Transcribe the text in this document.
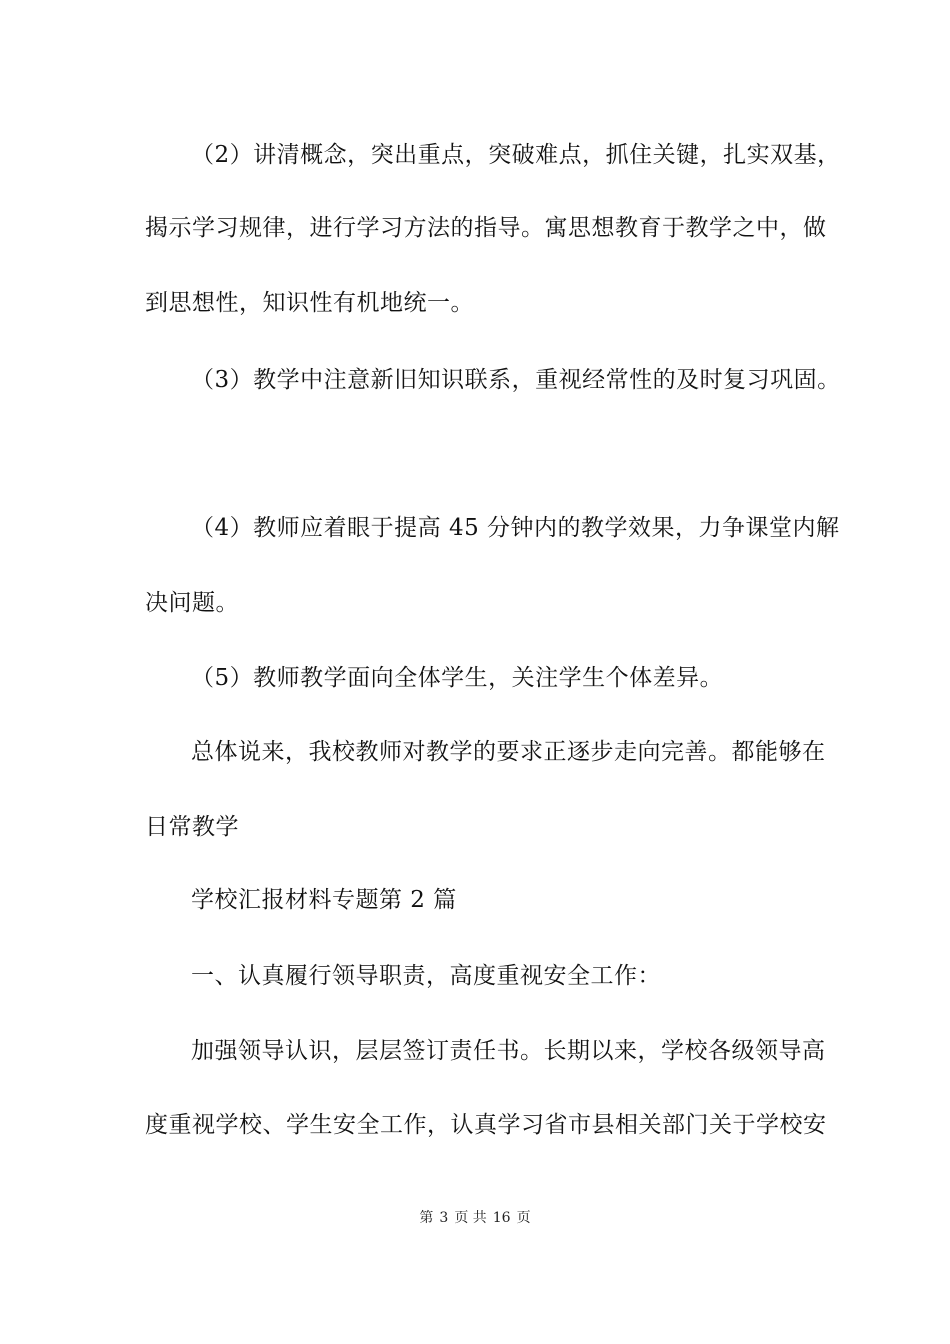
（2）讲清概念，突出重点，突破难点，抓住关键，扎实双基，
揭示学习规律，进行学习方法的指导。寓思想教育于教学之中，做
到思想性，知识性有机地统一。
（3）教学中注意新旧知识联系，重视经常性的及时复习巩固。
（4）教师应着眼于提高 45 分钟内的教学效果，力争课堂内解
决问题。
（5）教师教学面向全体学生，关注学生个体差异。
总体说来，我校教师对教学的要求正逐步走向完善。都能够在
日常教学
学校汇报材料专题第 2 篇
一、认真履行领导职责，高度重视安全工作：
加强领导认识，层层签订责任书。长期以来，学校各级领导高
度重视学校、学生安全工作，认真学习省市县相关部门关于学校安
第 3 页 共 16 页
